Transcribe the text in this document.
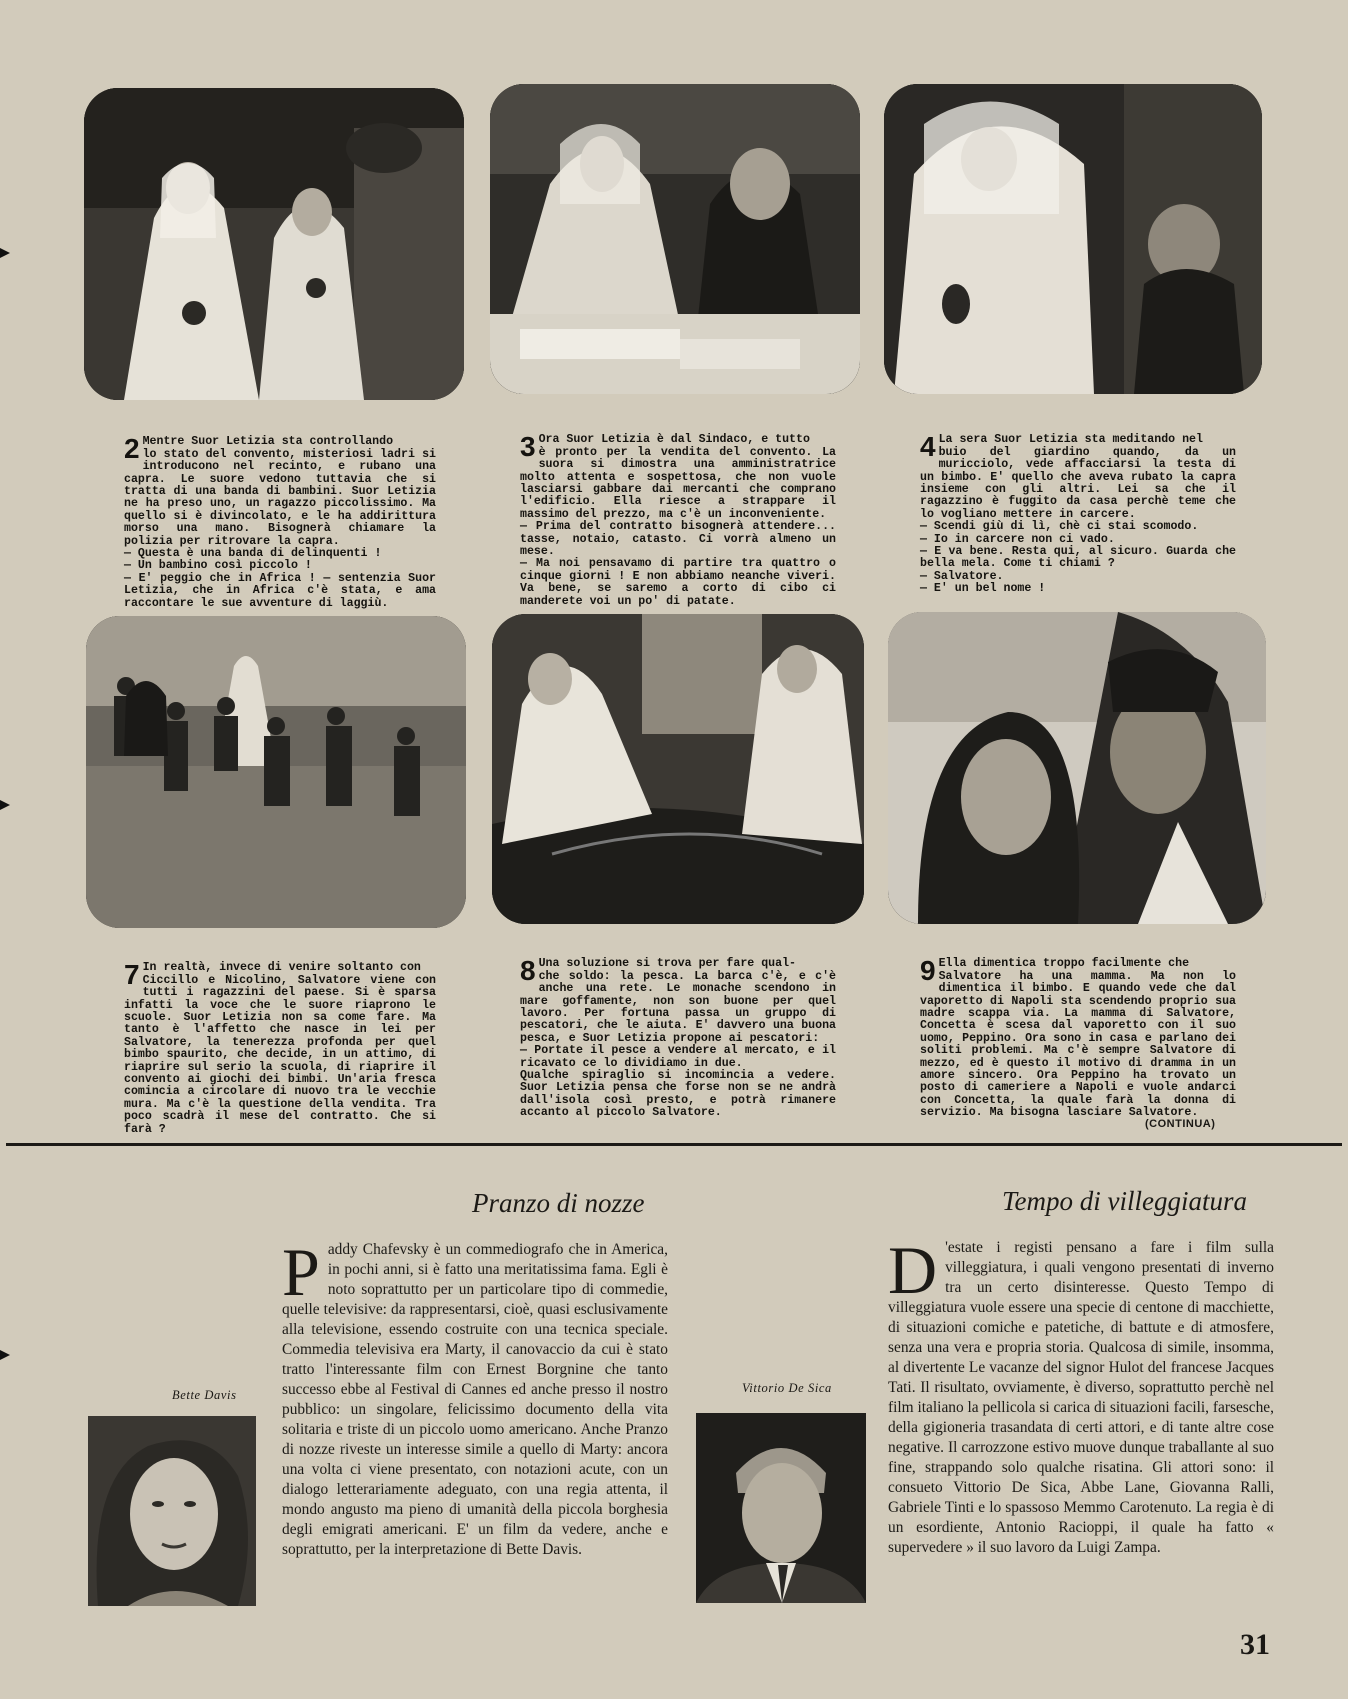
2 Mentre Suor Letizia sta controllando
lo stato del convento, misteriosi ladri si introducono nel recinto, e rubano una capra. Le suore vedono tuttavia che si tratta di una banda di bambini. Suor Letizia ne ha preso uno, un ragazzo piccolissimo. Ma quello si è divincolato, e le ha addirittura morso una mano. Bisognerà chiamare la polizia per ritrovare la capra.
— Questa è una banda di delinquenti !
— Un bambino così piccolo !
— E' peggio che in Africa ! — sentenzia Suor Letizia, che in Africa c'è stata, e ama raccontare le sue avventure di laggiù.

3 Ora Suor Letizia è dal Sindaco, e tutto
è pronto per la vendita del convento. La suora si dimostra una amministratrice molto attenta e sospettosa, che non vuole lasciarsi gabbare dai mercanti che comprano l'edificio. Ella riesce a strappare il massimo del prezzo, ma c'è un inconveniente.
— Prima del contratto bisognerà attendere... tasse, notaio, catasto. Ci vorrà almeno un mese.
— Ma noi pensavamo di partire tra quattro o cinque giorni ! E non abbiamo neanche viveri. Va bene, se saremo a corto di cibo ci manderete voi un po' di patate.

4 La sera Suor Letizia sta meditando nel
buio del giardino quando, da un muricciolo, vede affacciarsi la testa di un bimbo. E' quello che aveva rubato la capra insieme con gli altri. Lei sa che il ragazzino è fuggito da casa perchè teme che lo vogliano mettere in carcere.
— Scendi giù di lì, chè ci stai scomodo.
— Io in carcere non ci vado.
— E va bene. Resta qui, al sicuro. Guarda che bella mela. Come ti chiami ?
— Salvatore.
— E' un bel nome !

7 In realtà, invece di venire soltanto con
Ciccillo e Nicolino, Salvatore viene con tutti i ragazzini del paese. Si è sparsa infatti la voce che le suore riaprono le scuole. Suor Letizia non sa come fare. Ma tanto è l'affetto che nasce in lei per Salvatore, la tenerezza profonda per quel bimbo spaurito, che decide, in un attimo, di riaprire sul serio la scuola, di riaprire il convento ai giochi dei bimbi. Un'aria fresca comincia a circolare di nuovo tra le vecchie mura. Ma c'è la questione della vendita. Tra poco scadrà il mese del contratto. Che si farà ?

8 Una soluzione si trova per fare qual-
che soldo: la pesca. La barca c'è, e c'è anche una rete. Le monache scendono in mare goffamente, non son buone per quel lavoro. Per fortuna passa un gruppo di pescatori, che le aiuta. E' davvero una buona pesca, e Suor Letizia propone ai pescatori:
— Portate il pesce a vendere al mercato, e il ricavato ce lo dividiamo in due.
Qualche spiraglio si incomincia a vedere. Suor Letizia pensa che forse non se ne andrà dall'isola così presto, e potrà rimanere accanto al piccolo Salvatore.

9 Ella dimentica troppo facilmente che
Salvatore ha una mamma. Ma non lo dimentica il bimbo. E quando vede che dal vaporetto di Napoli sta scendendo proprio sua madre scappa via. La mamma di Salvatore, Concetta è scesa dal vaporetto con il suo uomo, Peppino. Ora sono in casa e parlano dei soliti problemi. Ma c'è sempre Salvatore di mezzo, ed è questo il motivo di dramma in un amore sincero. Ora Peppino ha trovato un posto di cameriere a Napoli e vuole andarci con Concetta, la quale farà la donna di servizio. Ma bisogna lasciare Salvatore.

(CONTINUA)
Pranzo di nozze
Bette Davis
Paddy Chafevsky è un commediografo che in America, in pochi anni, si è fatto una meritatissima fama. Egli è noto soprattutto per un particolare tipo di commedie, quelle televisive: da rappresentarsi, cioè, quasi esclusivamente alla televisione, essendo costruite con una tecnica speciale. Commedia televisiva era Marty, il canovaccio da cui è stato tratto l'interessante film con Ernest Borgnine che tanto successo ebbe al Festival di Cannes ed anche presso il nostro pubblico: un singolare, felicissimo documento della vita solitaria e triste di un piccolo uomo americano. Anche Pranzo di nozze riveste un interesse simile a quello di Marty: ancora una volta ci viene presentato, con notazioni acute, con un dialogo letterariamente adeguato, con una regia attenta, il mondo angusto ma pieno di umanità della piccola borghesia degli emigrati americani. E' un film da vedere, anche e soprattutto, per la interpretazione di Bette Davis.
Tempo di villeggiatura
Vittorio De Sica
D 'estate i registi pensano a fare i film sulla villeggiatura, i quali vengono presentati di inverno tra un certo disinteresse. Questo Tempo di villeggiatura vuole essere una specie di centone di macchiette, di situazioni comiche e patetiche, di battute e di atmosfere, senza una vera e propria storia. Qualcosa di simile, insomma, al divertente Le vacanze del signor Hulot del francese Jacques Tati. Il risultato, ovviamente, è diverso, soprattutto perchè nel film italiano la pellicola si carica di situazioni facili, farsesche, della gigioneria trasandata di certi attori, e di tante altre cose negative. Il carrozzone estivo muove dunque traballante al suo fine, strappando solo qualche risatina. Gli attori sono: il consueto Vittorio De Sica, Abbe Lane, Giovanna Ralli, Gabriele Tinti e lo spassoso Memmo Carotenuto. La regia è di un esordiente, Antonio Racioppi, il quale ha fatto « supervedere » il suo lavoro da Luigi Zampa.
31
